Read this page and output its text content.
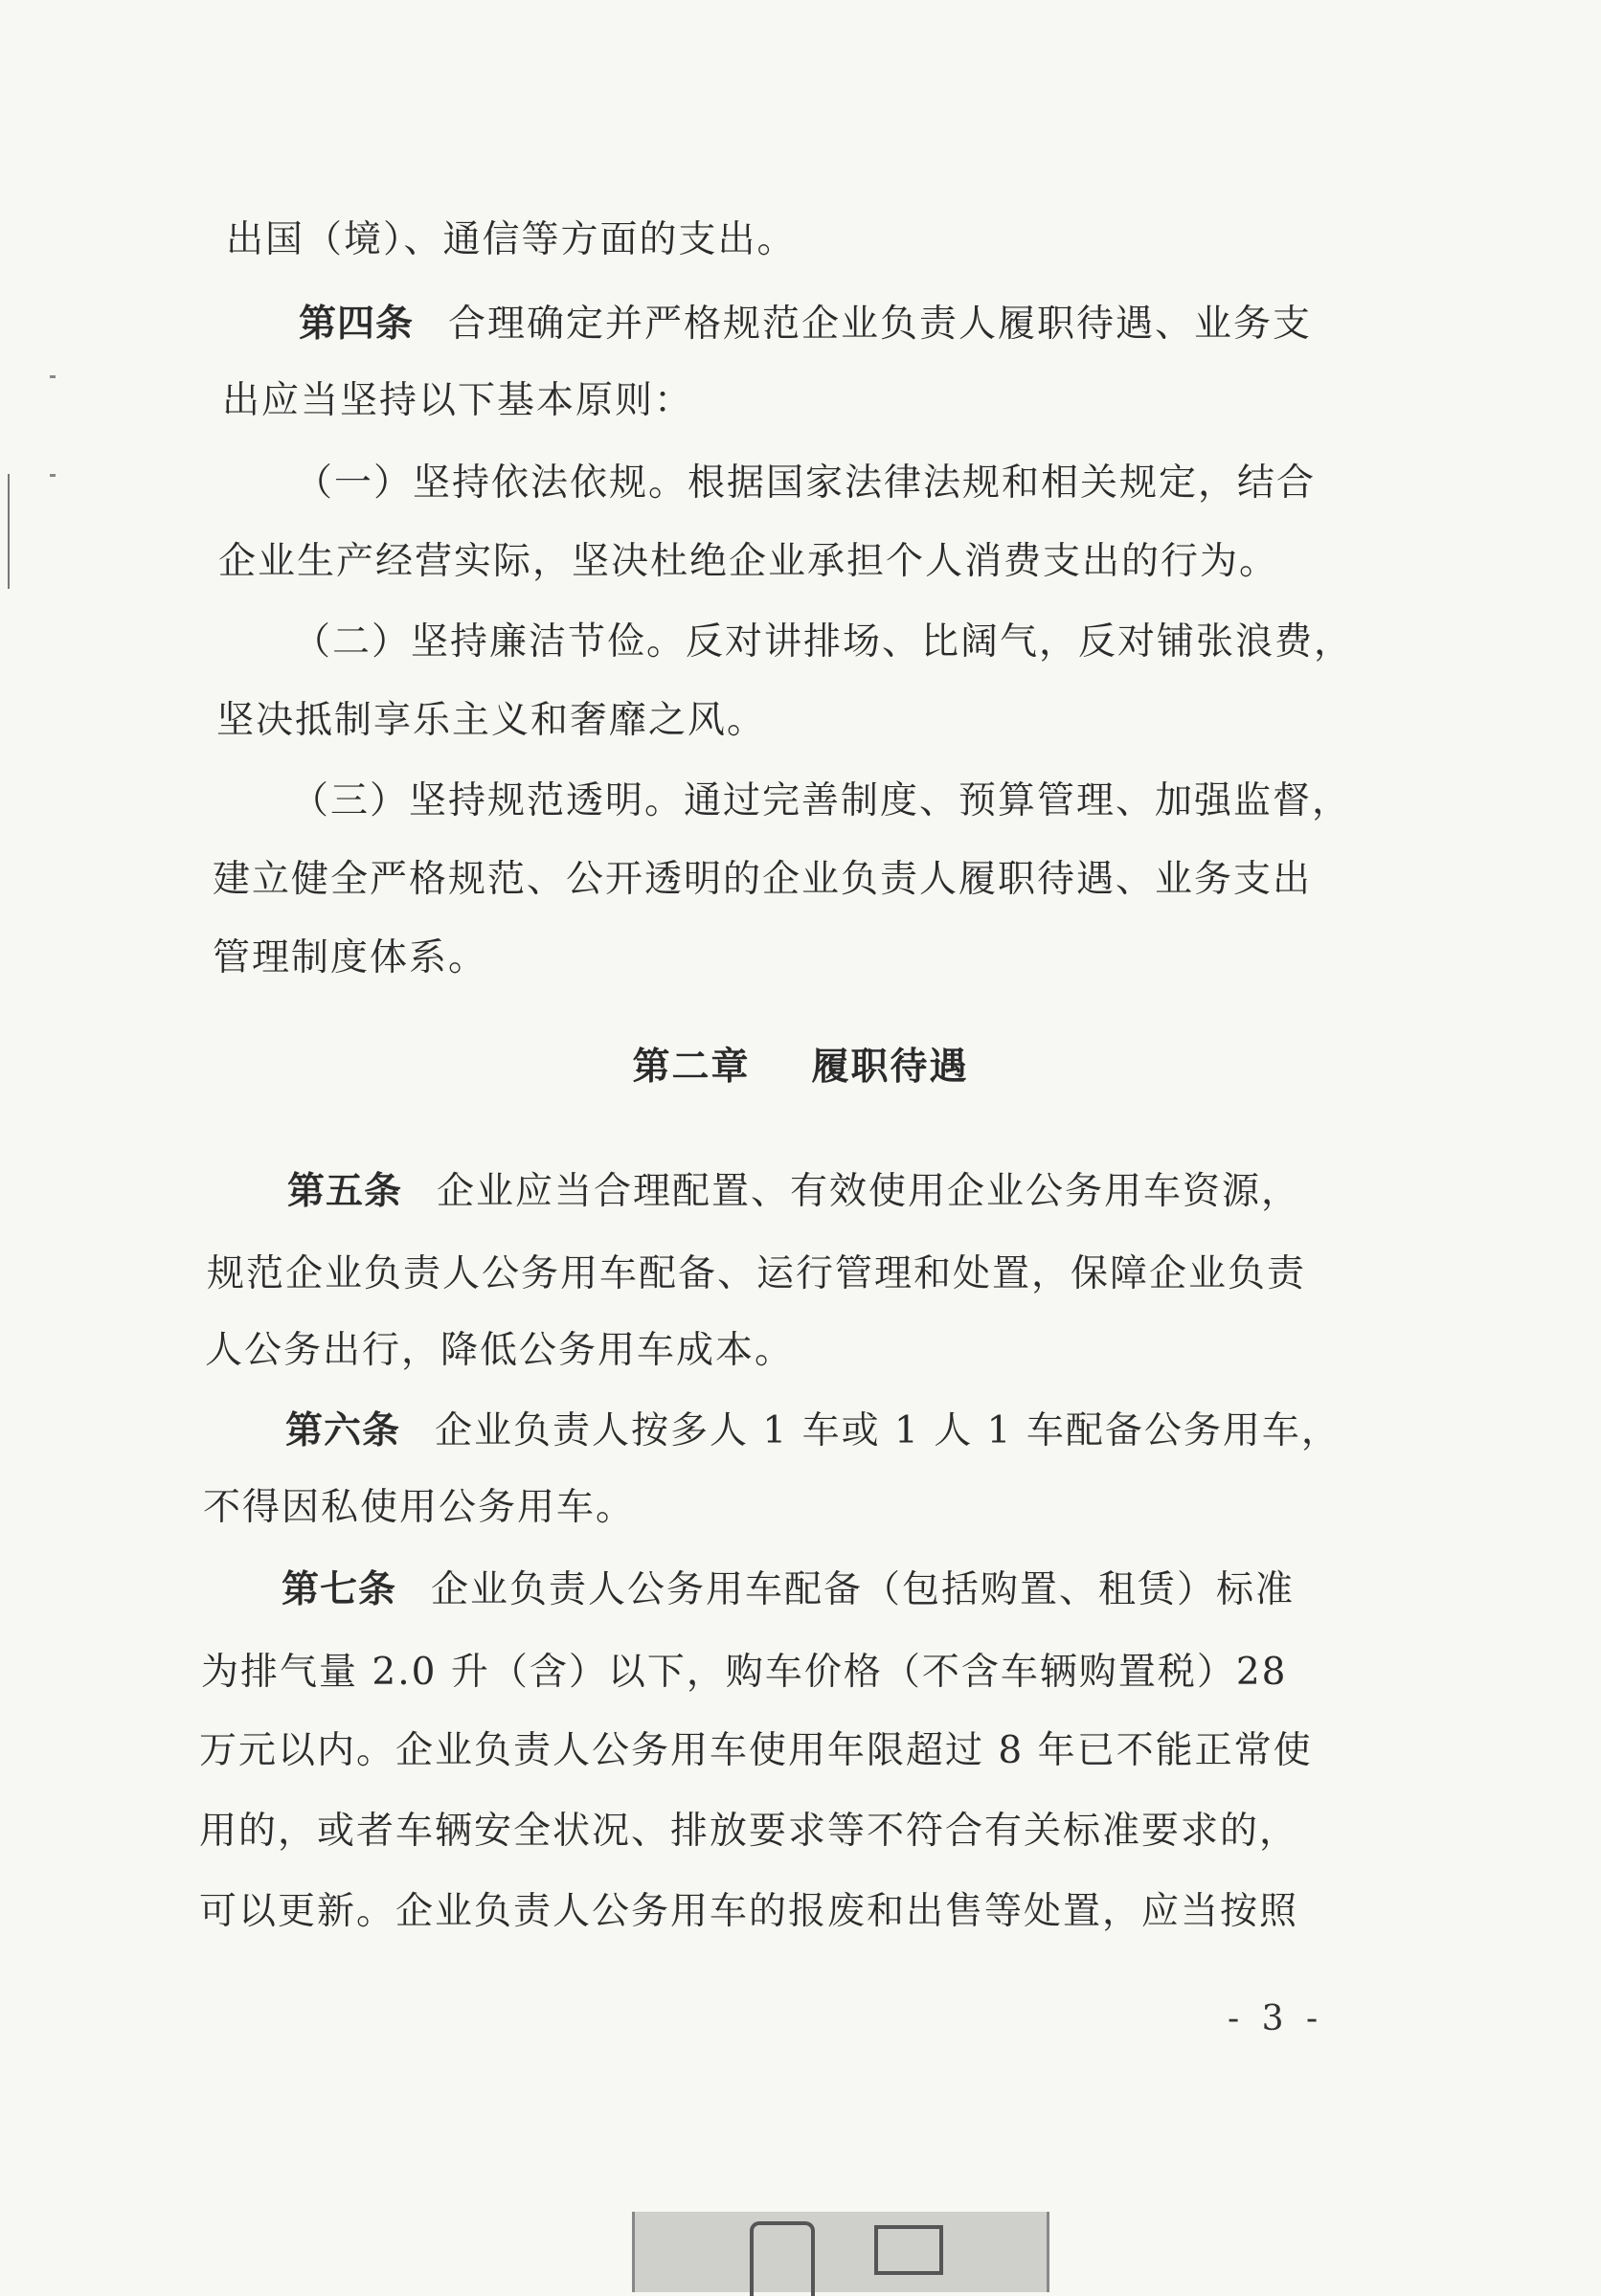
出国（境）、通信等方面的支出。
第四条 合理确定并严格规范企业负责人履职待遇、业务支
出应当坚持以下基本原则：
（一）坚持依法依规。根据国家法律法规和相关规定，结合
企业生产经营实际，坚决杜绝企业承担个人消费支出的行为。
（二）坚持廉洁节俭。反对讲排场、比阔气，反对铺张浪费，
坚决抵制享乐主义和奢靡之风。
（三）坚持规范透明。通过完善制度、预算管理、加强监督，
建立健全严格规范、公开透明的企业负责人履职待遇、业务支出
管理制度体系。
第二章 履职待遇
第五条 企业应当合理配置、有效使用企业公务用车资源，
规范企业负责人公务用车配备、运行管理和处置，保障企业负责
人公务出行，降低公务用车成本。
第六条 企业负责人按多人 1 车或 1 人 1 车配备公务用车，
不得因私使用公务用车。
第七条 企业负责人公务用车配备（包括购置、租赁）标准
为排气量 2.0 升（含）以下，购车价格（不含车辆购置税）28
万元以内。企业负责人公务用车使用年限超过 8 年已不能正常使
用的，或者车辆安全状况、排放要求等不符合有关标准要求的，
可以更新。企业负责人公务用车的报废和出售等处置，应当按照
- 3 -
